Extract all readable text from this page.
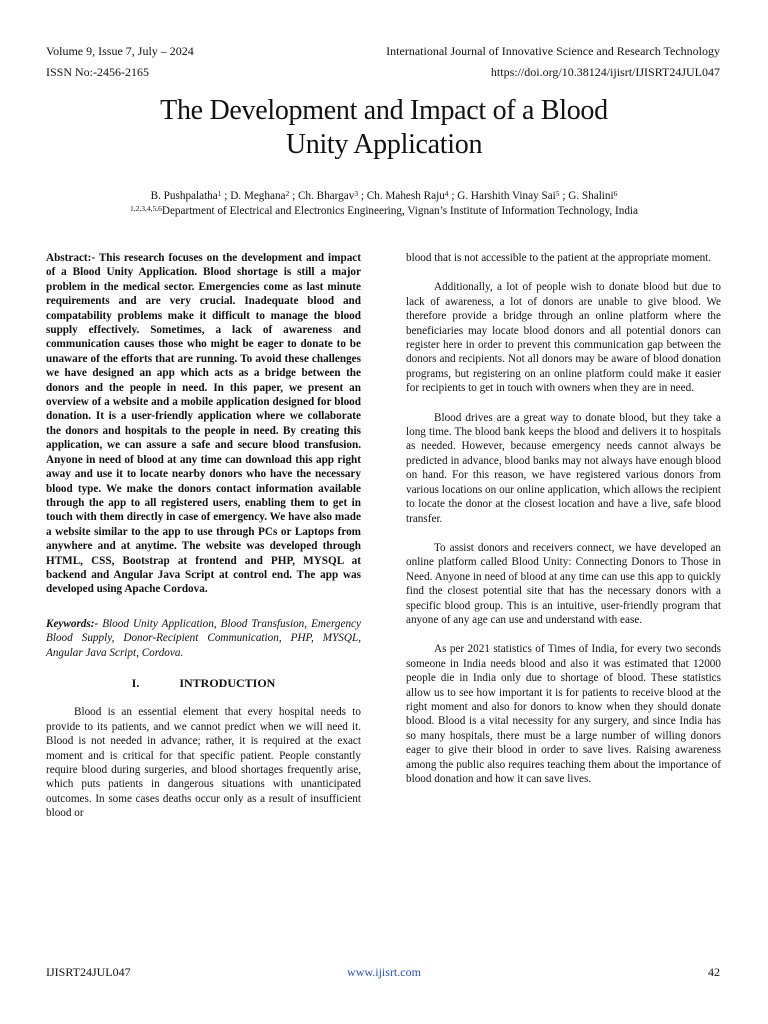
Volume 9, Issue 7, July – 2024	International Journal of Innovative Science and Research Technology
ISSN No:-2456-2165	https://doi.org/10.38124/ijisrt/IJISRT24JUL047
The Development and Impact of a Blood
Unity Application
B. Pushpalatha$^1$ ; D. Meghana$^2$ ; Ch. Bhargav$^3$ ; Ch. Mahesh Raju$^4$ ; G. Harshith Vinay Sai$^5$ ; G. Shalini$^6$
$^{1,2,3,4,5,6}$Department of Electrical and Electronics Engineering, Vignan’s Institute of Information Technology, India

Abstract:- This research focuses on the development and impact of a Blood Unity Application. Blood shortage is still a major problem in the medical sector. Emergencies come as last minute requirements and are very crucial. Inadequate blood and compatability problems make it difficult to manage the blood supply effectively. Sometimes, a lack of awareness and communication causes those who might be eager to donate to be unaware of the efforts that are running. To avoid these challenges we have designed an app which acts as a bridge between the donors and the people in need. In this paper, we present an overview of a website and a mobile application designed for blood donation. It is a user-friendly application where we collaborate the donors and hospitals to the people in need. By creating this application, we can assure a safe and secure blood transfusion. Anyone in need of blood at any time can download this app right away and use it to locate nearby donors who have the necessary blood type. We make the donors contact information available through the app to all registered users, enabling them to get in touch with them directly in case of emergency. We have also made a website similar to the app to use through PCs or Laptops from anywhere and at anytime. The website was developed through HTML, CSS, Bootstrap at frontend and PHP, MYSQL at backend and Angular Java Script at control end. The app was developed using Apache Cordova.

Keywords:- Blood Unity Application, Blood Transfusion, Emergency Blood Supply, Donor-Recipient Communication, PHP, MYSQL, Angular Java Script, Cordova.

I.	INTRODUCTION

Blood is an essential element that every hospital needs to provide to its patients, and we cannot predict when we will need it. Blood is not needed in advance; rather, it is required at the exact moment and is critical for that specific patient. People constantly require blood during surgeries, and blood shortages frequently arise, which puts patients in dangerous situations with unanticipated outcomes. In some cases deaths occur only as a result of insufficient blood or

blood that is not accessible to the patient at the appropriate moment.

Additionally, a lot of people wish to donate blood but due to lack of awareness, a lot of donors are unable to give blood. We therefore provide a bridge through an online platform where the beneficiaries may locate blood donors and all potential donors can register here in order to prevent this communication gap between the donors and recipients. Not all donors may be aware of blood donation programs, but registering on an online platform could make it easier for recipients to get in touch with owners when they are in need.

Blood drives are a great way to donate blood, but they take a long time. The blood bank keeps the blood and delivers it to hospitals as needed. However, because emergency needs cannot always be predicted in advance, blood banks may not always have enough blood on hand. For this reason, we have registered various donors from various locations on our online application, which allows the recipient to locate the donor at the closest location and have a live, safe blood transfer.

To assist donors and receivers connect, we have developed an online platform called Blood Unity: Connecting Donors to Those in Need. Anyone in need of blood at any time can use this app to quickly find the closest potential site that has the necessary donors with a specific blood group. This is an intuitive, user-friendly program that anyone of any age can use and understand with ease.

As per 2021 statistics of Times of India, for every two seconds someone in India needs blood and also it was estimated that 12000 people die in India only due to shortage of blood. These statistics allow us to see how important it is for patients to receive blood at the right moment and also for donors to know when they should donate blood. Blood is a vital necessity for any surgery, and since India has so many hospitals, there must be a large number of willing donors eager to give their blood in order to save lives. Raising awareness among the public also requires teaching them about the importance of blood donation and how it can save lives.

IJISRT24JUL047	www.ijisrt.com	42
